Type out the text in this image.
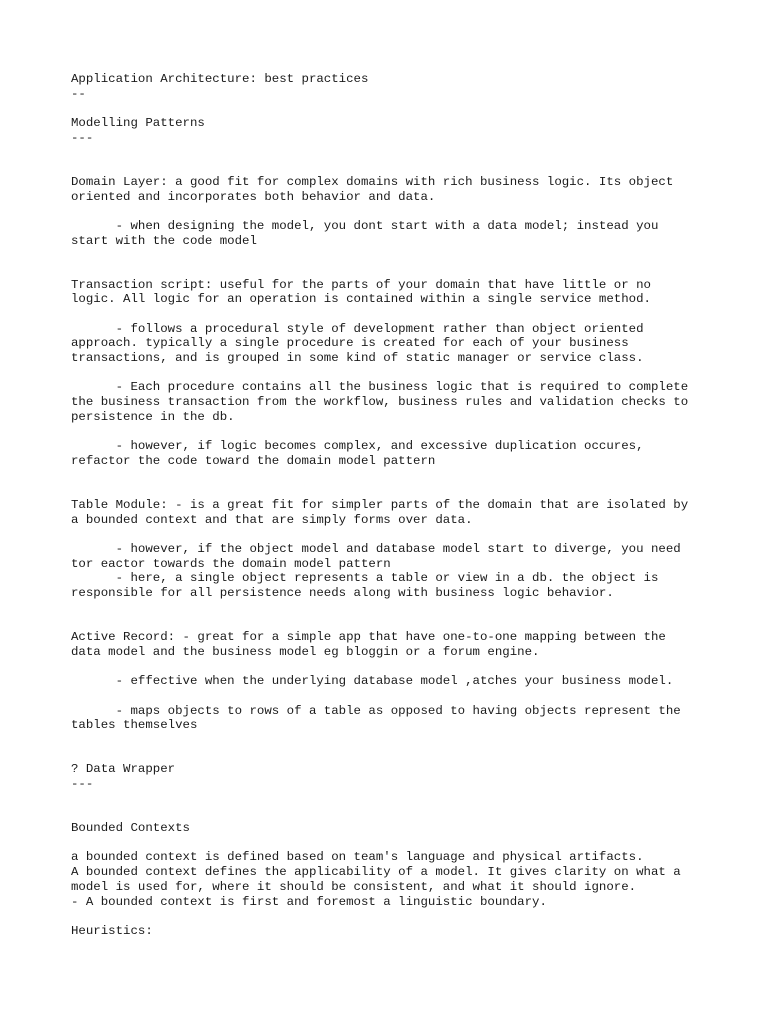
Application Architecture: best practices
--
Modelling Patterns
---
Domain Layer: a good fit for complex domains with rich business logic. Its object
oriented and incorporates both behavior and data.
- when designing the model, you dont start with a data model; instead you
start with the code model
Transaction script: useful for the parts of your domain that have little or no
logic. All logic for an operation is contained within a single service method.
- follows a procedural style of development rather than object oriented
approach. typically a single procedure is created for each of your business
transactions, and is grouped in some kind of static manager or service class.
- Each procedure contains all the business logic that is required to complete
the business transaction from the workflow, business rules and validation checks to
persistence in the db.
- however, if logic becomes complex, and excessive duplication occures,
refactor the code toward the domain model pattern
Table Module: - is a great fit for simpler parts of the domain that are isolated by
a bounded context and that are simply forms over data.
- however, if the object model and database model start to diverge, you need
tor eactor towards the domain model pattern
- here, a single object represents a table or view in a db. the object is
responsible for all persistence needs along with business logic behavior.
Active Record: - great for a simple app that have one-to-one mapping between the
data model and the business model eg bloggin or a forum engine.
- effective when the underlying database model ,atches your business model.
- maps objects to rows of a table as opposed to having objects represent the
tables themselves
? Data Wrapper
---
Bounded Contexts
a bounded context is defined based on team's language and physical artifacts.
A bounded context defines the applicability of a model. It gives clarity on what a
model is used for, where it should be consistent, and what it should ignore.
- A bounded context is first and foremost a linguistic boundary.
Heuristics:
